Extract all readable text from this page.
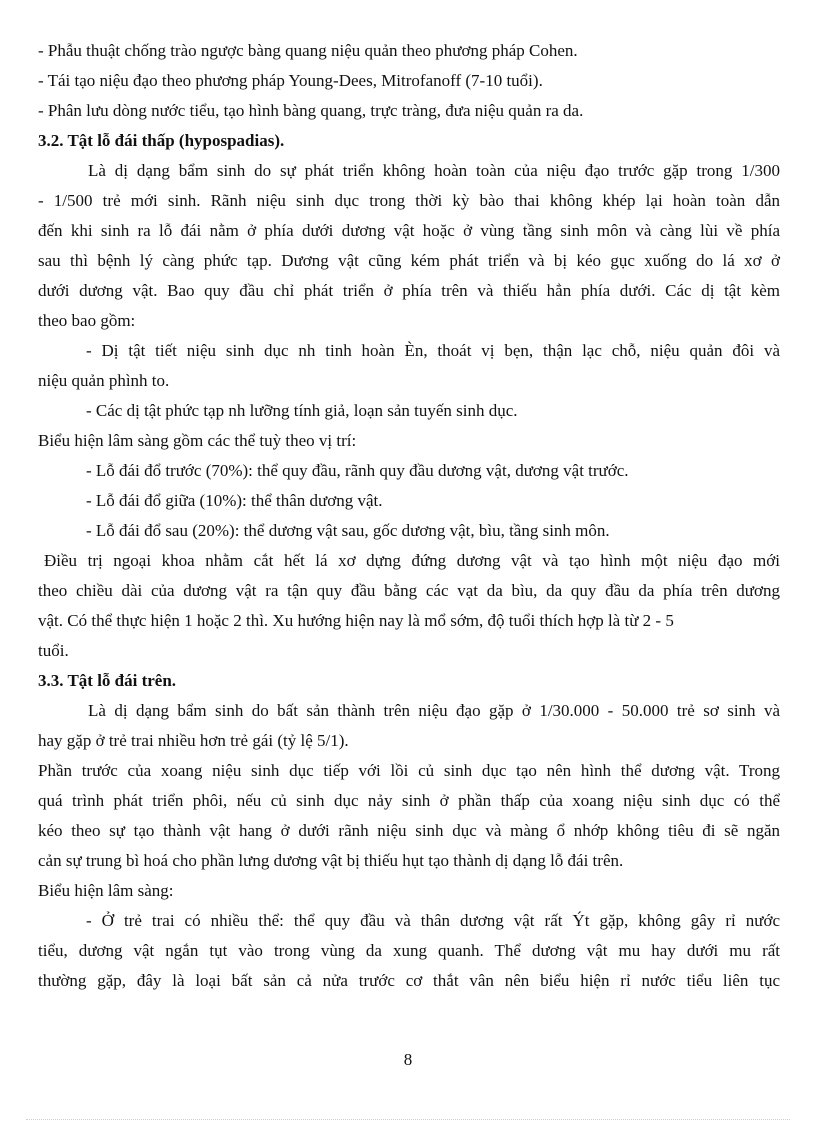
- Phẫu thuật chống trào ngược bàng quang niệu quản theo phương pháp Cohen.
- Tái tạo niệu đạo theo phương pháp Young-Dees, Mitrofanoff (7-10 tuổi).
- Phân lưu dòng nước tiểu, tạo hình bàng quang, trực tràng, đưa niệu quản ra da.
3.2. Tật lỗ đái thấp (hypospadias).
Là dị dạng bẩm sinh do sự phát triển không hoàn toàn của niệu đạo trước gặp trong 1/300
- 1/500 trẻ mới sinh. Rãnh niệu sinh dục trong thời kỳ bào thai không khép lại hoàn toàn dẫn
đến khi sinh ra lỗ đái nằm ở phía dưới dương vật hoặc ở vùng tầng sinh môn và càng lùi về phía
sau thì bệnh lý càng phức tạp. Dương vật cũng kém phát triển và bị kéo gục xuống do lá xơ ở
dưới dương vật. Bao quy đầu chỉ phát triển ở phía trên và thiếu hẳn phía dưới. Các dị tật kèm
theo bao gồm:
- Dị tật tiết niệu sinh dục nh tinh hoàn Èn, thoát vị bẹn, thận lạc chỗ, niệu quản đôi và
niệu quản phình to.
- Các dị tật phức tạp nh lưỡng tính giả, loạn sản tuyến sinh dục.
Biểu hiện lâm sàng gồm các thể tuỳ theo vị trí:
- Lỗ đái đổ trước (70%): thể quy đầu, rãnh quy đầu dương vật, dương vật trước.
- Lỗ đái đổ giữa (10%): thể thân dương vật.
- Lỗ đái đổ sau (20%): thể dương vật sau, gốc dương vật, bìu, tầng sinh môn.
Điều trị ngoại khoa nhằm cắt hết lá xơ dựng đứng dương vật và tạo hình một niệu đạo mới
theo chiều dài của dương vật ra tận quy đầu bằng các vạt da bìu, da quy đầu da phía trên dương
vật. Có thể thực hiện 1 hoặc 2 thì. Xu hướng hiện nay là mổ sớm, độ tuổi thích hợp là từ 2 - 5
tuổi.
3.3. Tật lỗ đái trên.
Là dị dạng bẩm sinh do bất sản thành trên niệu đạo gặp ở 1/30.000 - 50.000 trẻ sơ sinh và
hay gặp ở trẻ trai nhiều hơn trẻ gái (tỷ lệ 5/1).
Phần trước của xoang niệu sinh dục tiếp với lồi củ sinh dục tạo nên hình thể dương vật. Trong
quá trình phát triển phôi, nếu củ sinh dục nảy sinh ở phần thấp của xoang niệu sinh dục có thể
kéo theo sự tạo thành vật hang ở dưới rãnh niệu sinh dục và màng ổ nhớp không tiêu đi sẽ ngăn
cản sự trung bì hoá cho phần lưng dương vật bị thiếu hụt tạo thành dị dạng lỗ đái trên.
Biểu hiện lâm sàng:
- Ở trẻ trai có nhiều thể: thể quy đầu và thân dương vật rất Ýt gặp, không gây rỉ nước
tiểu, dương vật ngắn tụt vào trong vùng da xung quanh. Thể dương vật mu hay dưới mu rất
thường gặp, đây là loại bất sản cả nửa trước cơ thắt vân nên biểu hiện rỉ nước tiểu liên tục
8
